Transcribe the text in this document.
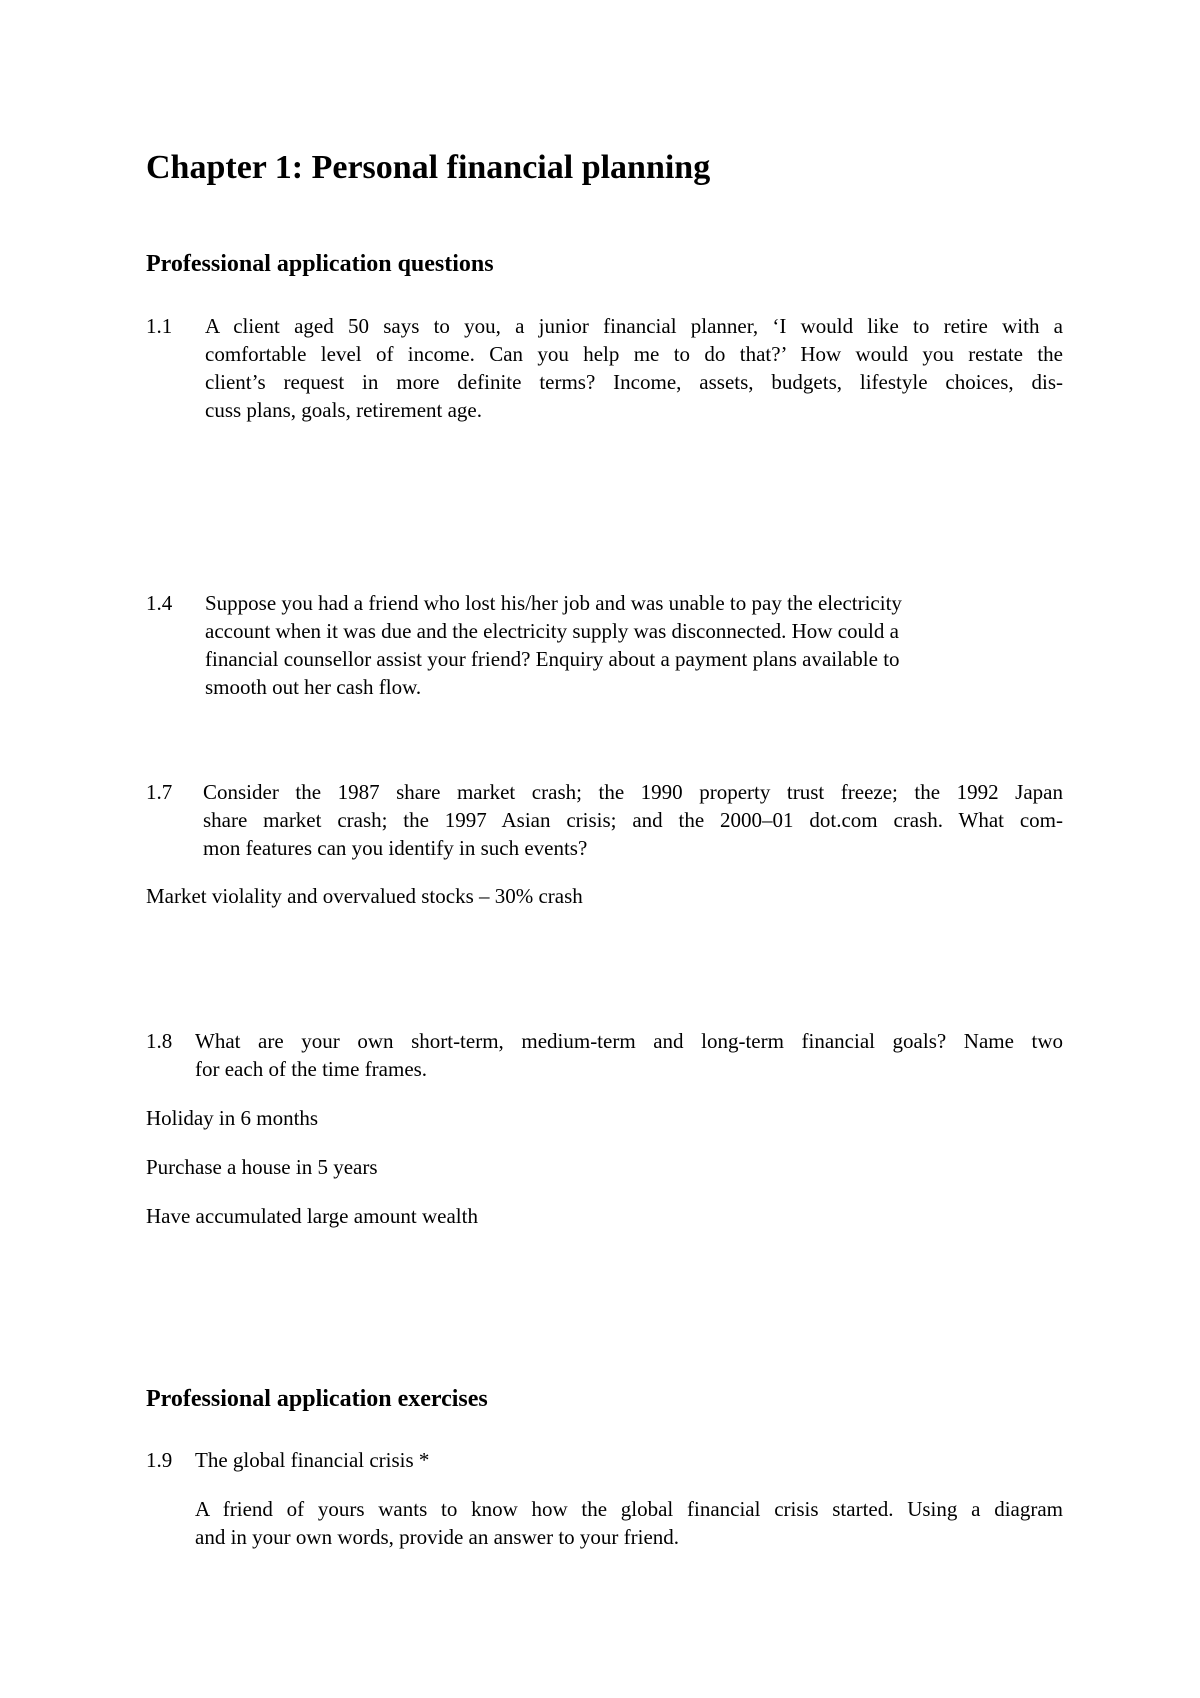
Chapter 1: Personal financial planning
Professional application questions
1.1 A client aged 50 says to you, a junior financial planner, ‘I would like to retire with a
comfortable level of income. Can you help me to do that?’ How would you restate the
client’s request in more definite terms? Income, assets, budgets, lifestyle choices, dis-
cuss plans, goals, retirement age.
1.4 Suppose you had a friend who lost his/her job and was unable to pay the electricity
account when it was due and the electricity supply was disconnected. How could a
financial counsellor assist your friend? Enquiry about a payment plans available to
smooth out her cash flow.
1.7 Consider the 1987 share market crash; the 1990 property trust freeze; the 1992 Japan
share market crash; the 1997 Asian crisis; and the 2000–01 dot.com crash. What com-
mon features can you identify in such events?
Market violality and overvalued stocks – 30% crash
1.8 What are your own short-term, medium-term and long-term financial goals? Name two
for each of the time frames.
Holiday in 6 months
Purchase a house in 5 years
Have accumulated large amount wealth
Professional application exercises
1.9 The global financial crisis *
A friend of yours wants to know how the global financial crisis started. Using a diagram
and in your own words, provide an answer to your friend.
